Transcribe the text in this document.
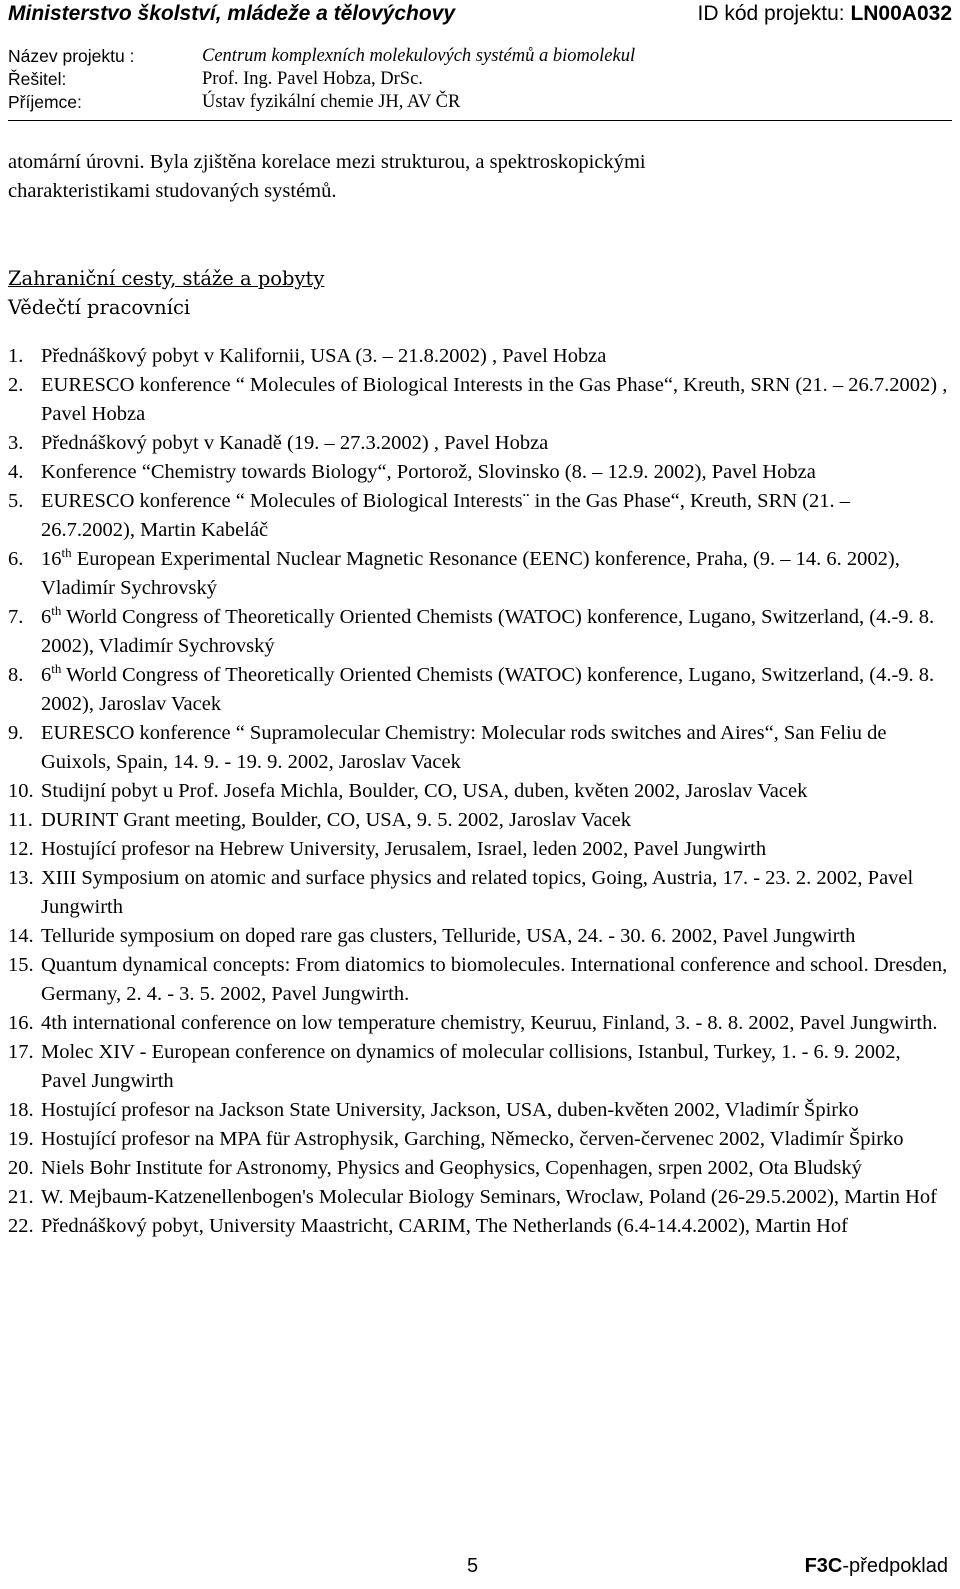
Ministerstvo školství, mládeže a tělovýchovy	ID kód projektu: LN00A032
Název projektu :	Centrum komplexních molekulových systémů a biomolekul
Řešitel:	Prof. Ing. Pavel Hobza, DrSc.
Příjemce:	Ústav fyzikální chemie JH, AV ČR

atomární úrovni. Byla zjištěna korelace mezi strukturou, a spektroskopickými

charakteristikami studovaných systémů.

Zahraniční cesty, stáže a pobyty
Vědečtí pracovníci
1. Přednáškový pobyt v Kalifornii, USA (3. – 21.8.2002) , Pavel Hobza
2. EURESCO konference “ Molecules of Biological Interests in the Gas Phase“, Kreuth, SRN (21. – 26.7.2002) , Pavel Hobza
3. Přednáškový pobyt v Kanadě (19. – 27.3.2002) , Pavel Hobza
4. Konference “Chemistry towards Biology“, Portorož, Slovinsko (8. – 12.9. 2002), Pavel Hobza
5. EURESCO konference “ Molecules of Biological Interests¨ in the Gas Phase“, Kreuth, SRN (21. – 26.7.2002), Martin Kabeláč
6. 16th European Experimental Nuclear Magnetic Resonance (EENC) konference, Praha, (9. – 14. 6. 2002), Vladimír Sychrovský
7. 6th World Congress of Theoretically Oriented Chemists (WATOC) konference, Lugano, Switzerland, (4.-9. 8. 2002), Vladimír Sychrovský
8. 6th World Congress of Theoretically Oriented Chemists (WATOC) konference, Lugano, Switzerland, (4.-9. 8. 2002), Jaroslav Vacek
9. EURESCO konference “ Supramolecular Chemistry: Molecular rods switches and Aires“, San Feliu de Guixols, Spain, 14. 9. - 19. 9. 2002, Jaroslav Vacek
10. Studijní pobyt u Prof. Josefa Michla, Boulder, CO, USA, duben, květen 2002, Jaroslav Vacek
11. DURINT Grant meeting, Boulder, CO, USA, 9. 5. 2002, Jaroslav Vacek
12. Hostující profesor na Hebrew University, Jerusalem, Israel, leden 2002, Pavel Jungwirth
13. XIII Symposium on atomic and surface physics and related topics, Going, Austria, 17. - 23. 2. 2002, Pavel Jungwirth
14. Telluride symposium on doped rare gas clusters, Telluride, USA, 24. - 30. 6. 2002, Pavel Jungwirth
15. Quantum dynamical concepts: From diatomics to biomolecules. International conference and school. Dresden, Germany, 2. 4. - 3. 5. 2002, Pavel Jungwirth.
16. 4th international conference on low temperature chemistry, Keuruu, Finland, 3. - 8. 8. 2002, Pavel Jungwirth.
17. Molec XIV - European conference on dynamics of molecular collisions, Istanbul, Turkey, 1. - 6. 9. 2002, Pavel Jungwirth
18. Hostující profesor na Jackson State University, Jackson, USA, duben-květen 2002, Vladimír Špirko
19. Hostující profesor na MPA für Astrophysik, Garching, Německo, červen-červenec 2002, Vladimír Špirko
20. Niels Bohr Institute for Astronomy, Physics and Geophysics, Copenhagen, srpen 2002, Ota Bludský
21. W. Mejbaum-Katzenellenbogen's Molecular Biology Seminars, Wroclaw, Poland (26-29.5.2002), Martin Hof
22. Přednáškový pobyt, University Maastricht, CARIM, The Netherlands (6.4-14.4.2002), Martin Hof
5	F3C-předpoklad
